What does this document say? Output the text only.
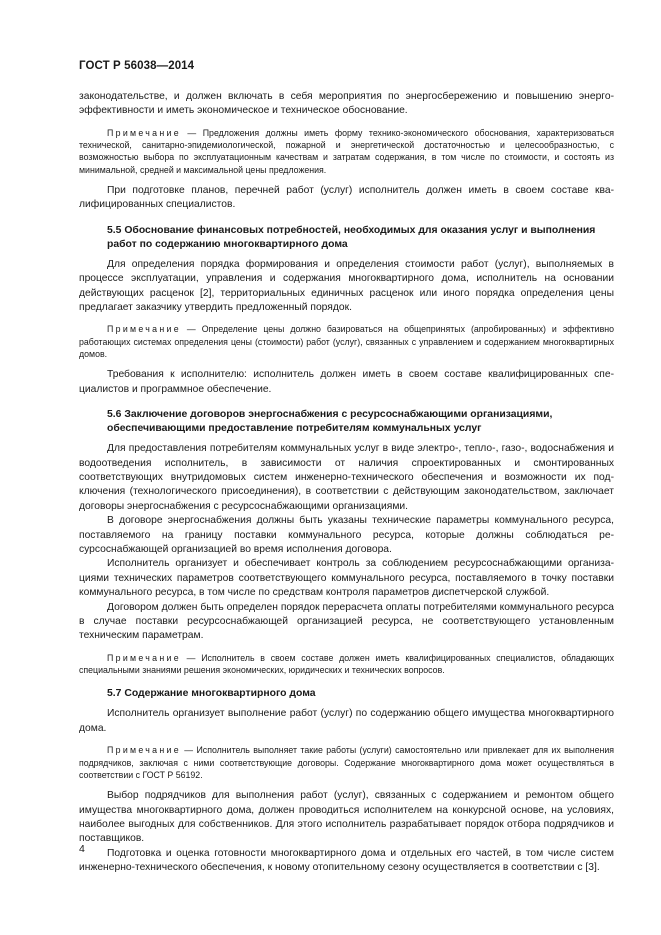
ГОСТ Р 56038—2014

законодательстве, и должен включать в себя мероприятия по энергосбережению и повышению энергоэффективности и иметь экономическое и техническое обоснование.

Примечание — Предложения должны иметь форму технико-экономического обоснования, характеризоваться технической, санитарно-эпидемиологической, пожарной и энергетической достаточностью и целесообразностью, с возможностью выбора по эксплуатационным качествам и затратам содержания, в том числе по стоимости, и состоять из минимальной, средней и максимальной цены предложения.

При подготовке планов, перечней работ (услуг) исполнитель должен иметь в своем составе квалифицированных специалистов.

5.5 Обоснование финансовых потребностей, необходимых для оказания услуг и выполнения работ по содержанию многоквартирного дома

Для определения порядка формирования и определения стоимости работ (услуг), выполняемых в процессе эксплуатации, управления и содержания многоквартирного дома, исполнитель на основании действующих расценок [2], территориальных единичных расценок или иного порядка определения цены предлагает заказчику утвердить предложенный порядок.

Примечание — Определение цены должно базироваться на общепринятых (апробированных) и эффективно работающих системах определения цены (стоимости) работ (услуг), связанных с управлением и содержанием многоквартирных домов.

Требования к исполнителю: исполнитель должен иметь в своем составе квалифицированных специалистов и программное обеспечение.

5.6 Заключение договоров энергоснабжения с ресурсоснабжающими организациями, обеспечивающими предоставление потребителям коммунальных услуг

Для предоставления потребителям коммунальных услуг в виде электро-, тепло-, газо-, водоснабжения и водоотведения исполнитель, в зависимости от наличия спроектированных и смонтированных соответствующих внутридомовых систем инженерно-технического обеспечения и возможности их подключения (технологического присоединения), в соответствии с действующим законодательством, заключает договоры энергоснабжения с ресурсоснабжающими организациями.

В договоре энергоснабжения должны быть указаны технические параметры коммунального ресурса, поставляемого на границу поставки коммунального ресурса, которые должны соблюдаться ресурсоснабжающей организацией во время исполнения договора.

Исполнитель организует и обеспечивает контроль за соблюдением ресурсоснабжающими организациями технических параметров соответствующего коммунального ресурса, поставляемого в точку поставки коммунального ресурса, в том числе по средствам контроля параметров диспетчерской службой.

Договором должен быть определен порядок перерасчета оплаты потребителями коммунального ресурса в случае поставки ресурсоснабжающей организацией ресурса, не соответствующего установленным техническим параметрам.

Примечание — Исполнитель в своем составе должен иметь квалифицированных специалистов, обладающих специальными знаниями решения экономических, юридических и технических вопросов.

5.7 Содержание многоквартирного дома

Исполнитель организует выполнение работ (услуг) по содержанию общего имущества многоквартирного дома.

Примечание — Исполнитель выполняет такие работы (услуги) самостоятельно или привлекает для их выполнения подрядчиков, заключая с ними соответствующие договоры. Содержание многоквартирного дома может осуществляться в соответствии с ГОСТ Р 56192.

Выбор подрядчиков для выполнения работ (услуг), связанных с содержанием и ремонтом общего имущества многоквартирного дома, должен проводиться исполнителем на конкурсной основе, на условиях, наиболее выгодных для собственников. Для этого исполнитель разрабатывает порядок отбора подрядчиков и поставщиков.

Подготовка и оценка готовности многоквартирного дома и отдельных его частей, в том числе систем инженерно-технического обеспечения, к новому отопительному сезону осуществляется в соответствии с [3].

4
